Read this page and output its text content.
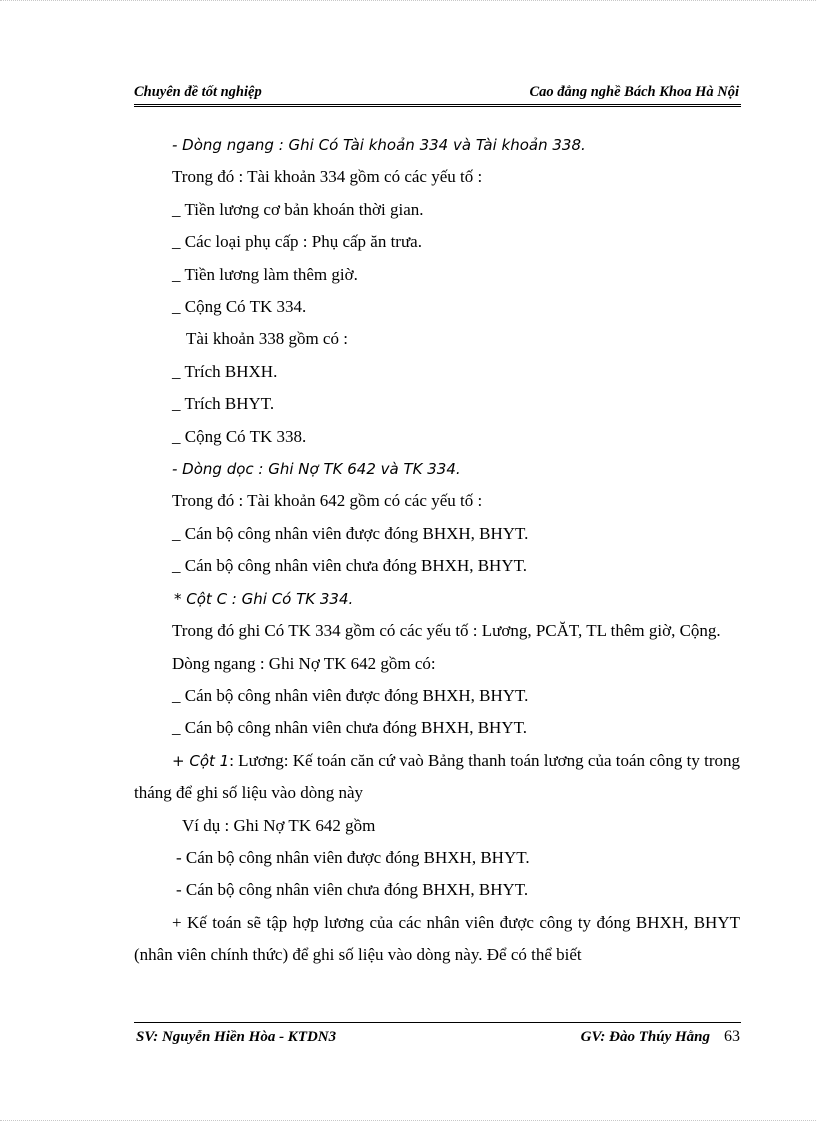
Chuyên đề tốt nghiệp	Cao đẳng nghề Bách Khoa Hà Nội

- Dòng ngang : Ghi Có Tài khoản 334 và Tài khoản 338.

Trong đó : Tài khoản 334 gồm có các yếu tố :

_ Tiền lương cơ bản khoán thời gian.

_ Các loại phụ cấp : Phụ cấp ăn trưa.

_ Tiền lương làm thêm giờ.

_ Cộng Có TK 334.

Tài khoản 338 gồm có :

_ Trích BHXH.

_ Trích BHYT.

_ Cộng Có TK 338.

- Dòng dọc : Ghi Nợ TK 642 và TK 334.

Trong đó : Tài khoản 642 gồm có các yếu tố :

_ Cán bộ công nhân viên được đóng BHXH, BHYT.

_ Cán bộ công nhân viên chưa đóng BHXH, BHYT.

* Cột C : Ghi Có TK 334.

Trong đó ghi Có TK 334 gồm có các yếu tố : Lương, PCĂT, TL thêm giờ, Cộng.

Dòng ngang : Ghi Nợ TK 642 gồm có:

_ Cán bộ công nhân viên được đóng BHXH, BHYT.

_ Cán bộ công nhân viên chưa đóng BHXH, BHYT.

+ Cột 1: Lương: Kế toán căn cứ vaò Bảng thanh toán lương của toán công ty trong tháng để ghi số liệu vào dòng này

Ví dụ : Ghi Nợ TK 642 gồm

- Cán bộ công nhân viên được đóng BHXH, BHYT.

- Cán bộ công nhân viên chưa đóng BHXH, BHYT.

+ Kế toán sẽ tập hợp lương của các nhân viên được công ty đóng BHXH, BHYT (nhân viên chính thức) để ghi số liệu vào dòng này. Để có thể biết

SV: Nguyễn Hiền Hòa - KTDN3	GV: Đào Thúy Hằng 63
